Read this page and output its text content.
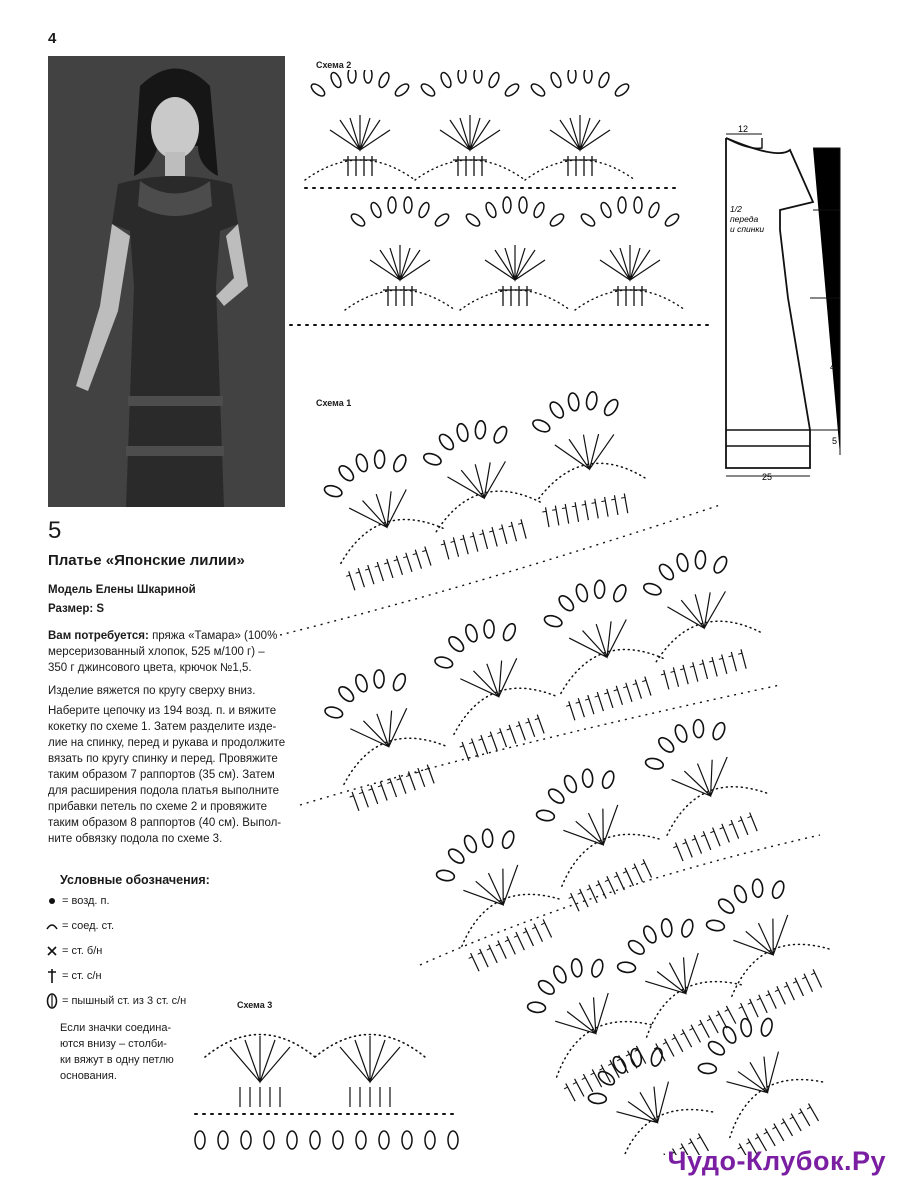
4
5
Платье «Японские лилии»
Модель Елены Шкариной
Размер: S
Вам потребуется: пряжа «Тамара» (100%
мерсеризованный хлопок, 525 м/100 г) –
350 г джинсового цвета, крючок №1,5.
Изделие вяжется по кругу сверху вниз.
Наберите цепочку из 194 возд. п. и вяжите
кокетку по схеме 1. Затем разделите изде-
лие на спинку, перед и рукава и продолжите
вязать по кругу спинку и перед. Провяжите
таким образом 7 раппортов (35 см). Затем
для расширения подола платья выполните
прибавки петель по схеме 2 и провяжите
таким образом 8 раппортов (40 см). Выпол-
ните обвязку подола по схеме 3.
Условные обозначения:
= возд. п.
= соед. ст.
= ст. б/н
= ст. с/н
= пышный ст. из 3 ст. с/н
Если значки соедина-
ются внизу – столби-
ки вяжут в одну петлю
основания.
Схема 2
Схема 1
Схема 3
12
1/2
переда
и спинки
16
35
40
5
25
Чудо-Клубок.Ру
